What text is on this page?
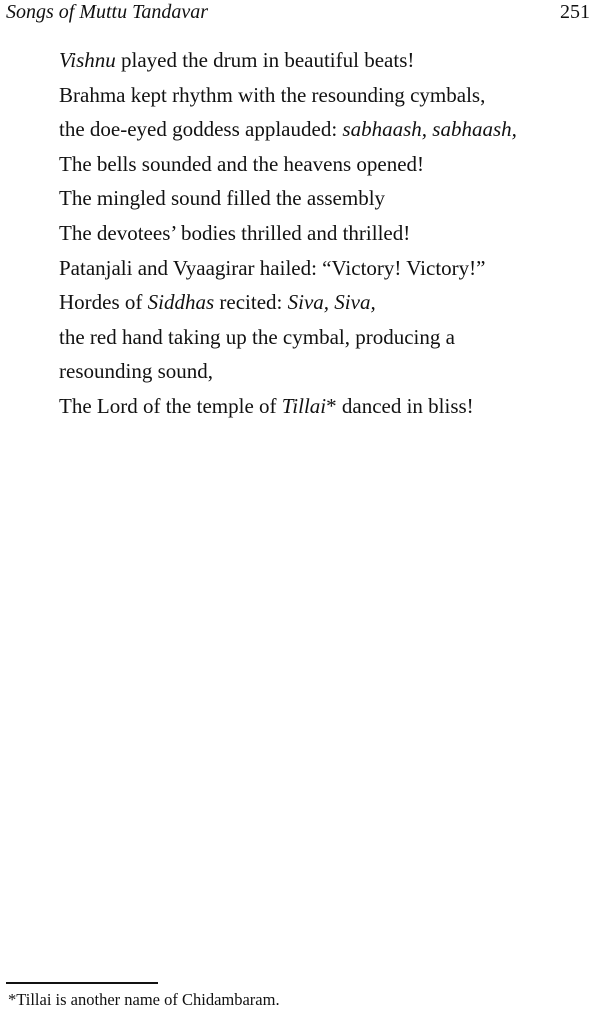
Songs of Muttu Tandavar	251
Vishnu played the drum in beautiful beats!
Brahma kept rhythm with the resounding cymbals,
the doe-eyed goddess applauded: sabhaash, sabhaash,
The bells sounded and the heavens opened!
The mingled sound filled the assembly
The devotees’ bodies thrilled and thrilled!
Patanjali and Vyaagirar hailed: “Victory! Victory!”
Hordes of Siddhas recited: Siva, Siva,
the red hand taking up the cymbal, producing a
resounding sound,
The Lord of the temple of Tillai* danced in bliss!
*Tillai is another name of Chidambaram.
